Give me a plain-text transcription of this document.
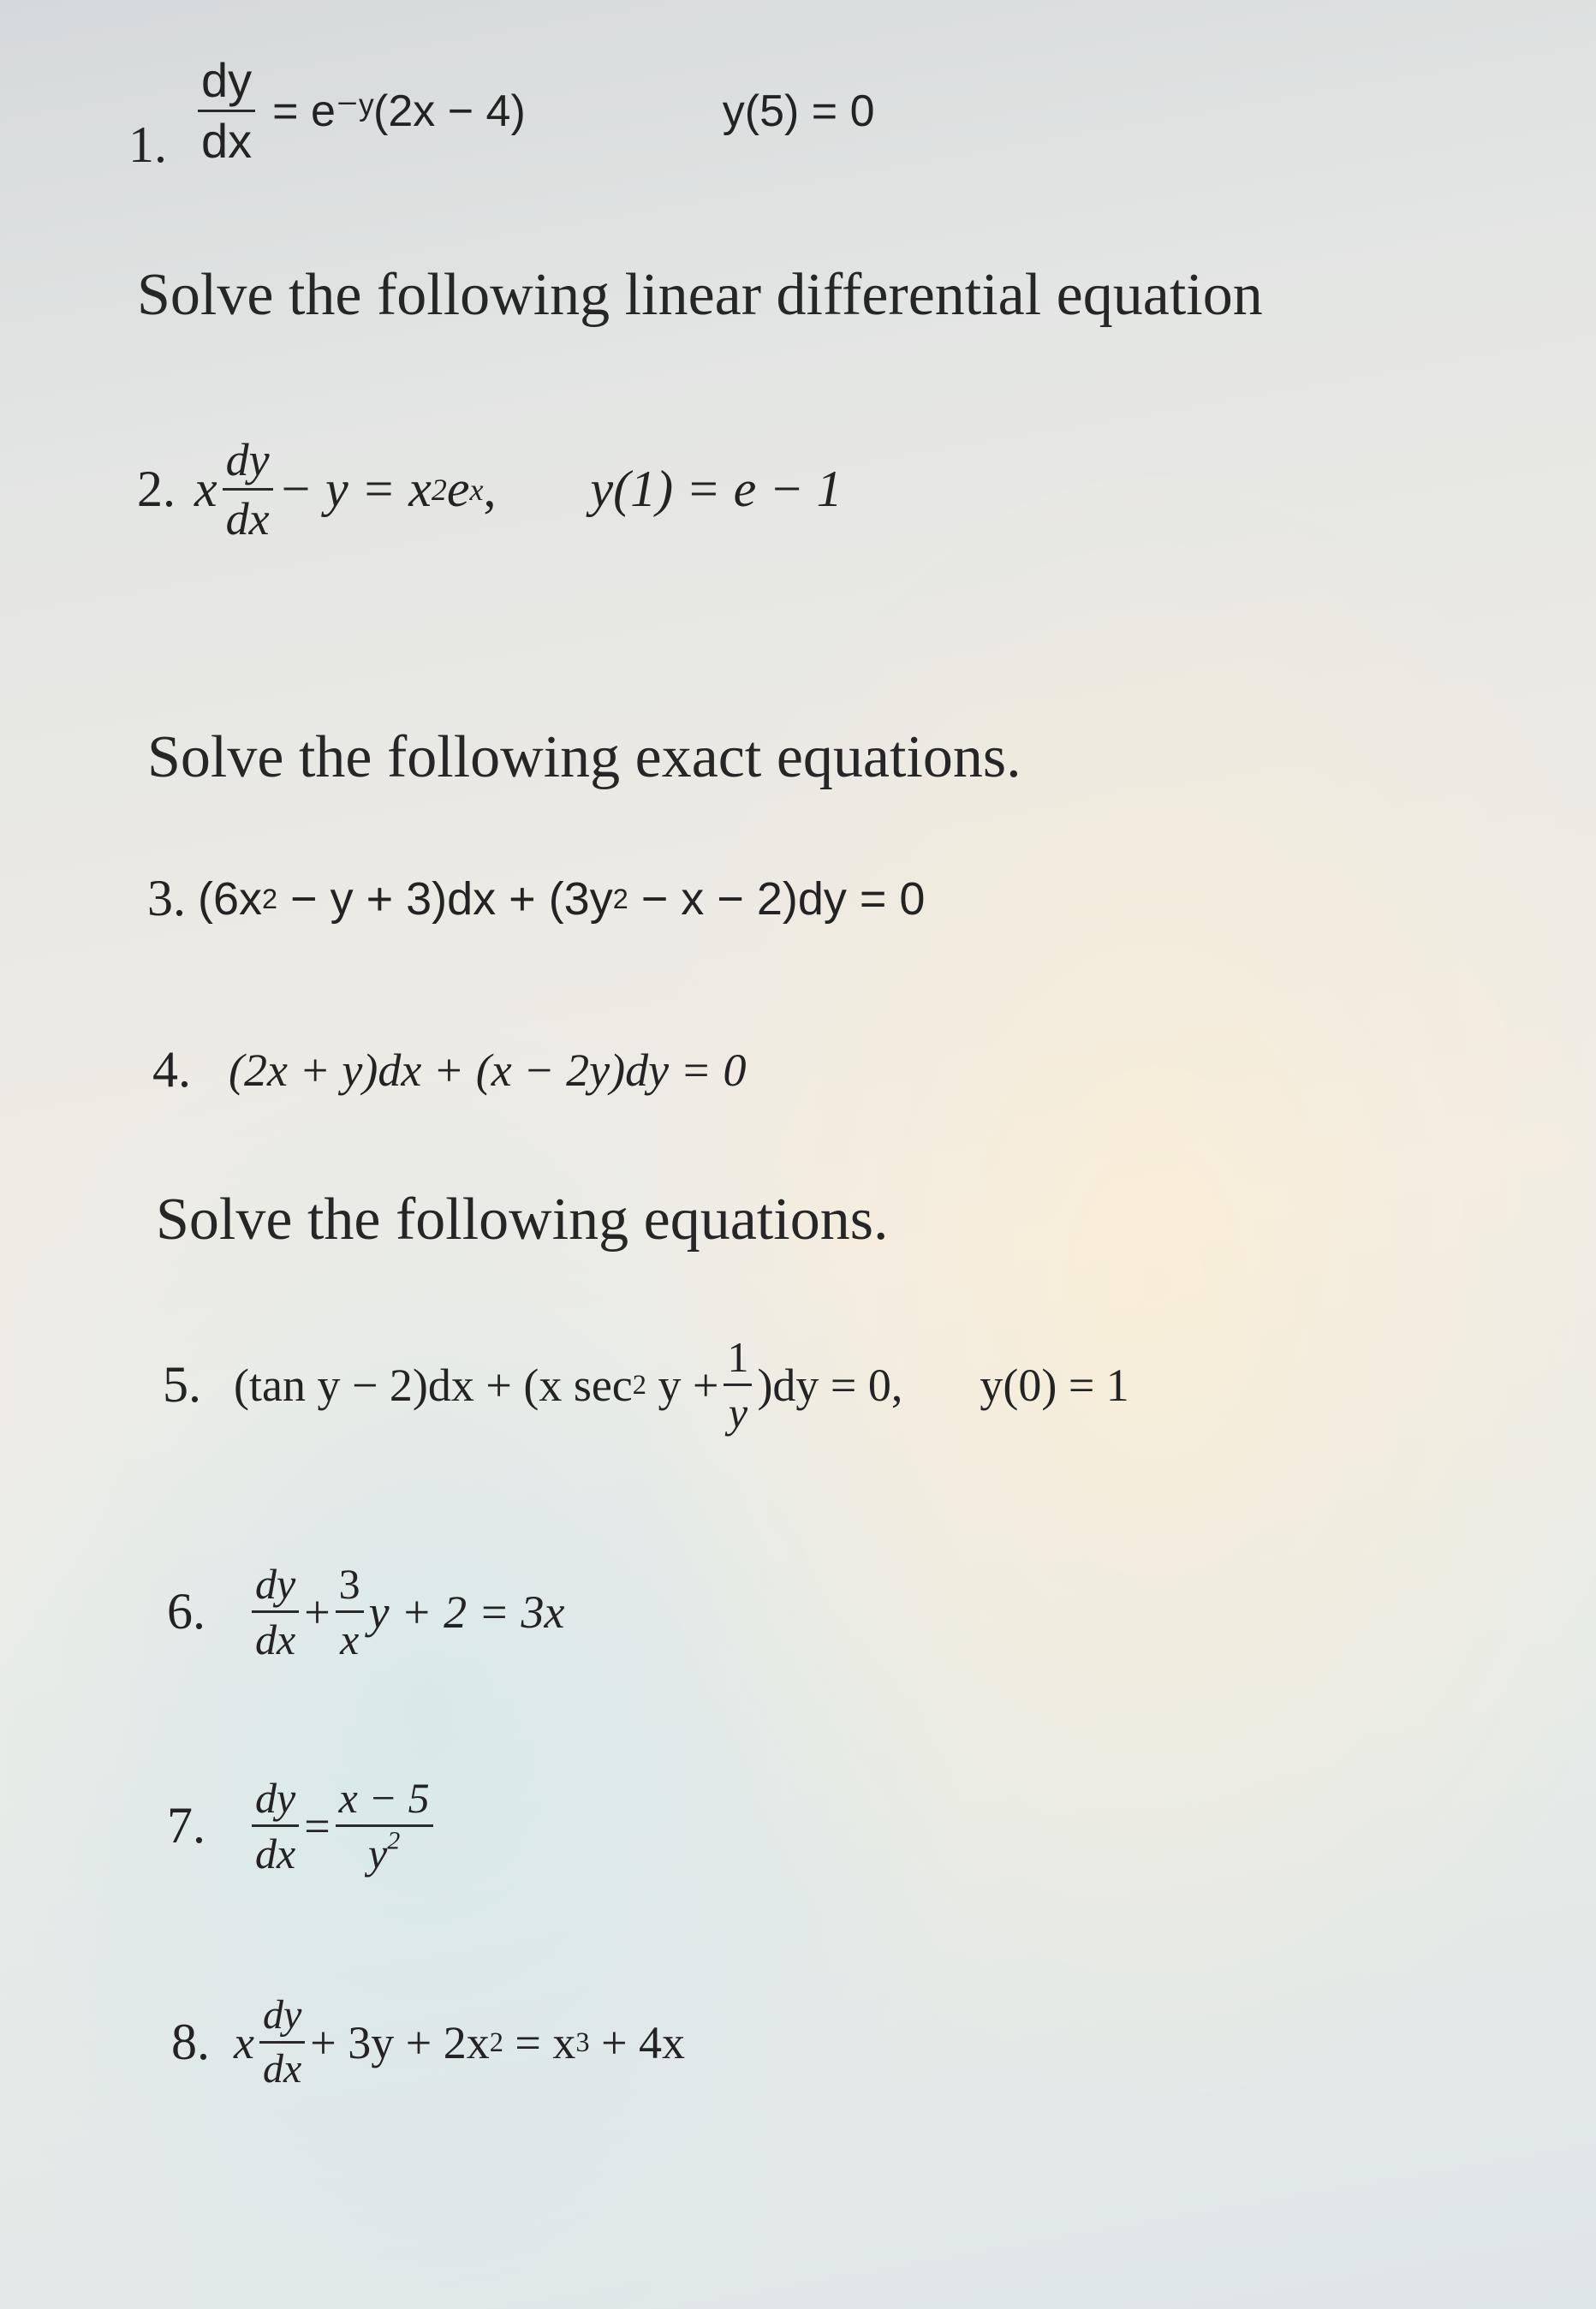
1. $\frac{dy}{dx}$ = e⁻ʸ(2x − 4)	y(5) = 0
Solve the following linear differential equation
2. x $\frac{dy}{dx} - y = x$ 2 e x , y(1) = e − 1
Solve the following exact equations.
3. (6x 2 − y + 3)dx + (3y 2 − x − 2)dy = 0
4. (2x + y)dx + (x − 2y)dy = 0
Solve the following equations.
5. (tan y − 2)dx + (x sec 2 $y + \frac{1}{y} )dy = 0$, y(0) = 1
6. $\frac{dy}{dx} + \frac{3}{x}$ y + 2 = 3x
7. $\frac{dy}{dx} = \frac{x - 5}{y^2}$
8. x $\frac{dy}{dx} + 3y + 2x$ 2 = x 3 + 4x
